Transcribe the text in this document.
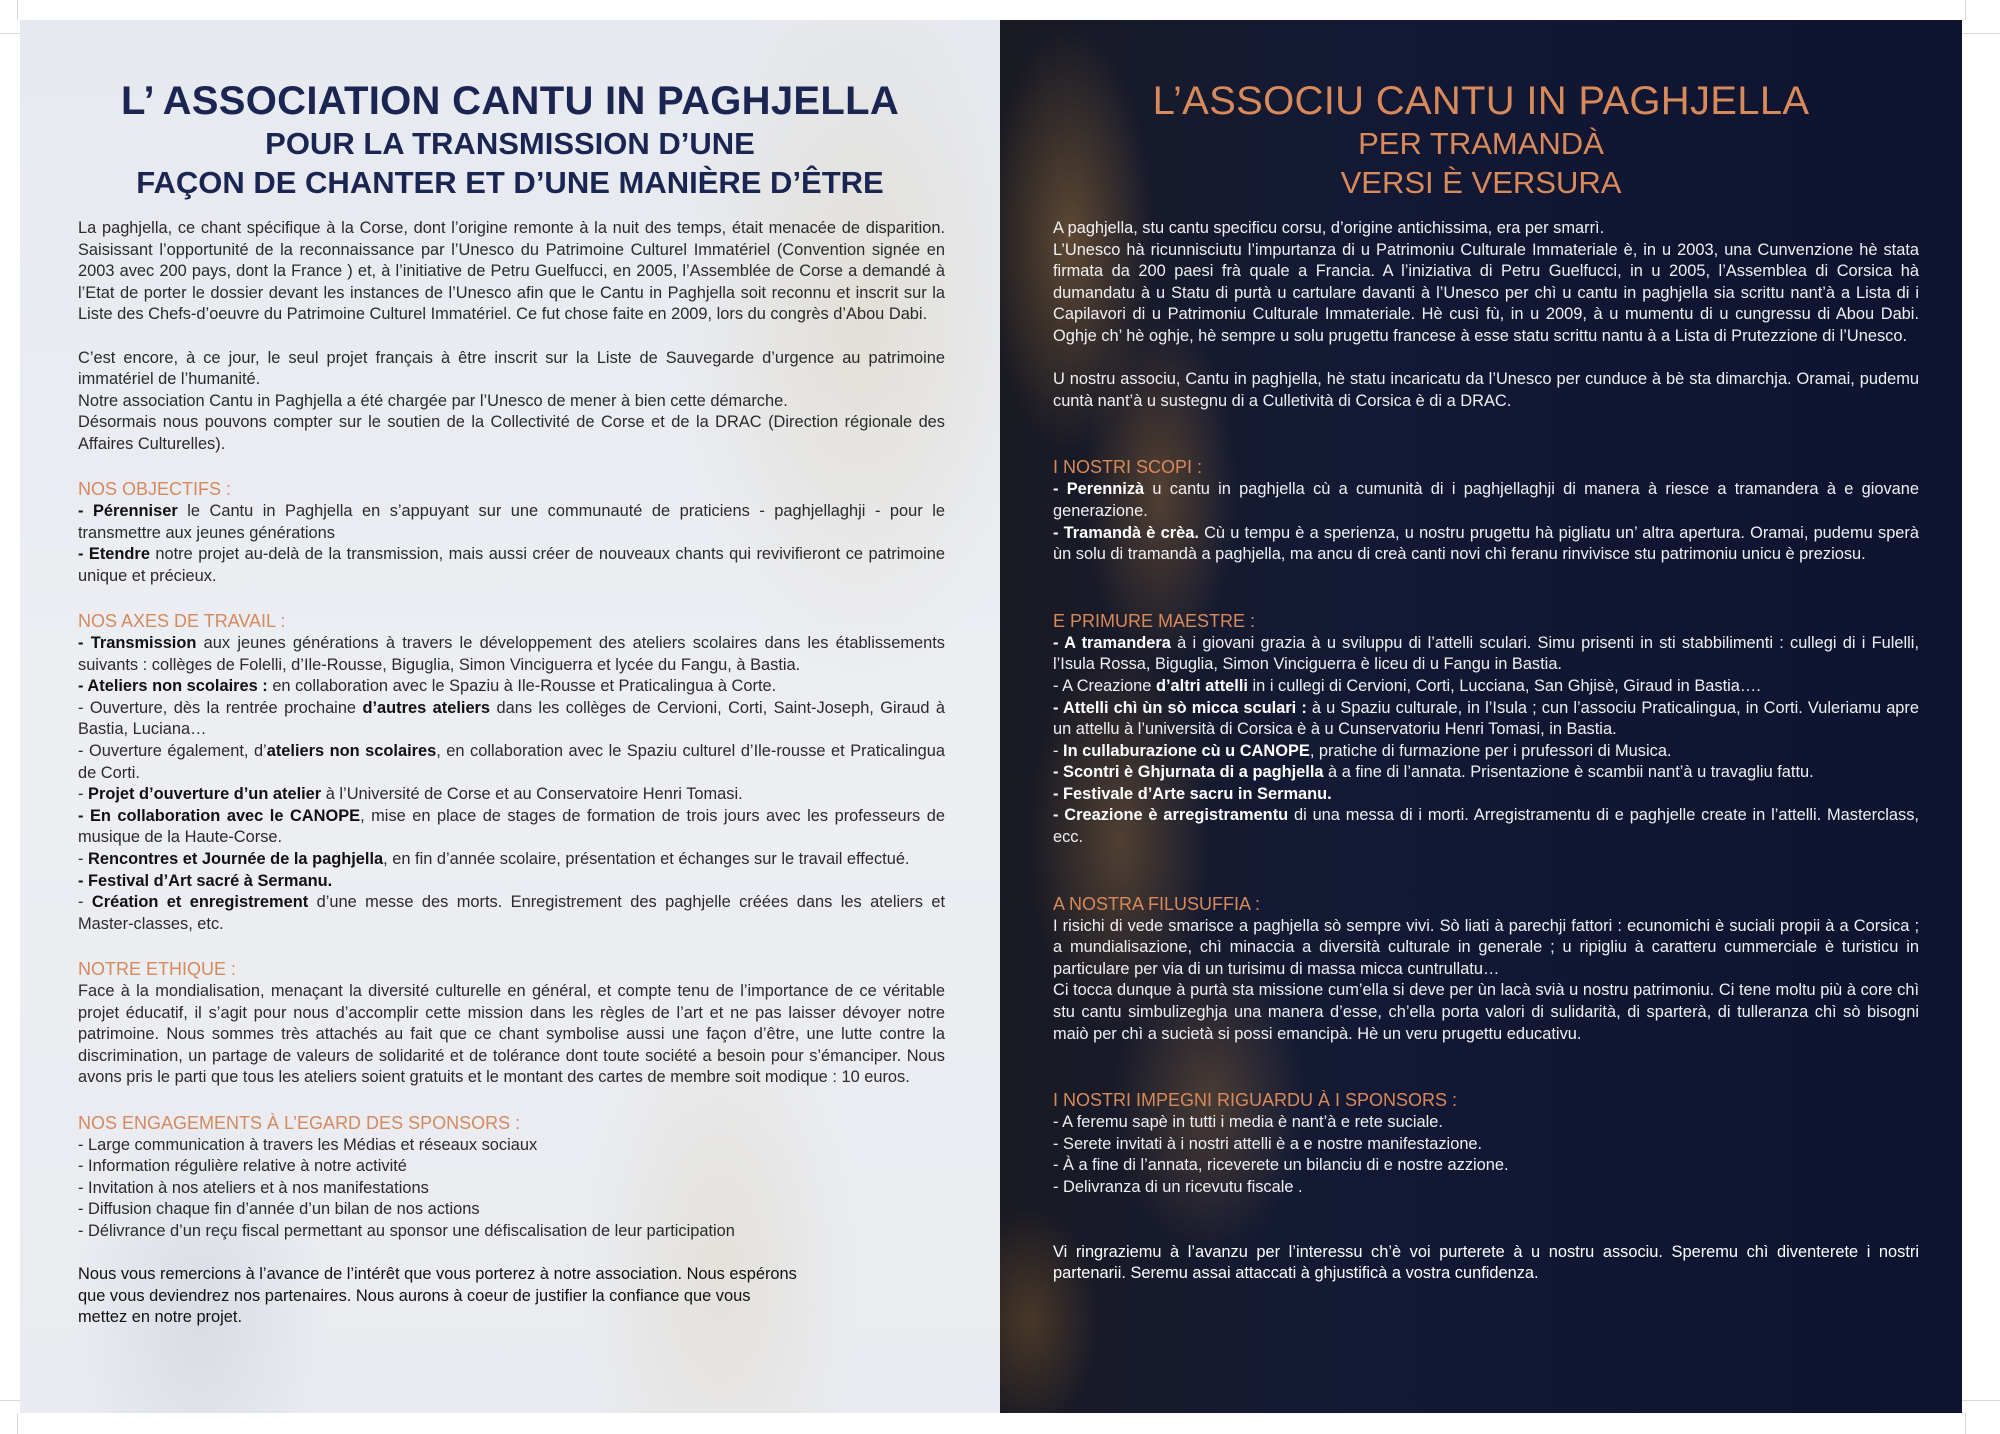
L’ ASSOCIATION CANTU IN PAGHJELLA
POUR LA TRANSMISSION D’UNE
FAÇON DE CHANTER ET D’UNE MANIÈRE D’ÊTRE

La paghjella, ce chant spécifique à la Corse, dont l’origine remonte à la nuit des temps, était menacée de disparition. Saisissant l’opportunité de la reconnaissance par l’Unesco du Patrimoine Culturel Immatériel (Convention signée en 2003 avec 200 pays, dont la France ) et, à l’initiative de Petru Guelfucci, en 2005, l’Assemblée de Corse a demandé à l’Etat de porter le dossier devant les instances de l’Unesco afin que le Cantu in Paghjella soit reconnu et inscrit sur la Liste des Chefs-d’oeuvre du Patrimoine Culturel Immatériel. Ce fut chose faite en 2009, lors du congrès d’Abou Dabi.

C’est encore, à ce jour, le seul projet français à être inscrit sur la Liste de Sauvegarde d’urgence au patrimoine immatériel de l’humanité.

Notre association Cantu in Paghjella a été chargée par l’Unesco de mener à bien cette démarche.

Désormais nous pouvons compter sur le soutien de la Collectivité de Corse et de la DRAC (Direction régionale des Affaires Culturelles).

NOS OBJECTIFS :

- Pérenniser le Cantu in Paghjella en s’appuyant sur une communauté de praticiens - paghjellaghji - pour le transmettre aux jeunes générations

- Etendre notre projet au-delà de la transmission, mais aussi créer de nouveaux chants qui revivifieront ce patrimoine unique et précieux.

NOS AXES DE TRAVAIL :

- Transmission aux jeunes générations à travers le développement des ateliers scolaires dans les établissements suivants : collèges de Folelli, d’Ile-Rousse, Biguglia, Simon Vinciguerra et lycée du Fangu, à Bastia.

- Ateliers non scolaires : en collaboration avec le Spaziu à Ile-Rousse et Praticalingua à Corte.

- Ouverture, dès la rentrée prochaine d’autres ateliers dans les collèges de Cervioni, Corti, Saint-Joseph, Giraud à Bastia, Luciana…

- Ouverture également, d’ateliers non scolaires, en collaboration avec le Spaziu culturel d’Ile-rousse et Praticalingua de Corti.

- Projet d’ouverture d’un atelier à l’Université de Corse et au Conservatoire Henri Tomasi.

- En collaboration avec le CANOPE, mise en place de stages de formation de trois jours avec les professeurs de musique de la Haute-Corse.

- Rencontres et Journée de la paghjella, en fin d’année scolaire, présentation et échanges sur le travail effectué.

- Festival d’Art sacré à Sermanu.

- Création et enregistrement d’une messe des morts. Enregistrement des paghjelle créées dans les ateliers et Master-classes, etc.

NOTRE ETHIQUE :

Face à la mondialisation, menaçant la diversité culturelle en général, et compte tenu de l’importance de ce véritable projet éducatif, il s’agit pour nous d’accomplir cette mission dans les règles de l’art et ne pas laisser dévoyer notre patrimoine. Nous sommes très attachés au fait que ce chant symbolise aussi une façon d’être, une lutte contre la discrimination, un partage de valeurs de solidarité et de tolérance dont toute société a besoin pour s’émanciper. Nous avons pris le parti que tous les ateliers soient gratuits et le montant des cartes de membre soit modique : 10 euros.

NOS ENGAGEMENTS À L’EGARD DES SPONSORS :

- Large communication à travers les Médias et réseaux sociaux

- Information régulière relative à notre activité

- Invitation à nos ateliers et à nos manifestations

- Diffusion chaque fin d’année d’un bilan de nos actions

- Délivrance d’un reçu fiscal permettant au sponsor une défiscalisation de leur participation

Nous vous remercions à l’avance de l’intérêt que vous porterez à notre association. Nous espérons
que vous deviendrez nos partenaires. Nous aurons à coeur de justifier la confiance que vous
mettez en notre projet.
L’ASSOCIU CANTU IN PAGHJELLA
PER TRAMANDÀ
VERSI È VERSURA

A paghjella, stu cantu specificu corsu, d’origine antichissima, era per smarrì.

L’Unesco hà ricunnisciutu l’impurtanza di u Patrimoniu Culturale Immateriale è, in u 2003, una Cunvenzione hè stata firmata da 200 paesi frà quale a Francia. A l’iniziativa di Petru Guelfucci, in u 2005, l’Assemblea di Corsica hà dumandatu à u Statu di purtà u cartulare davanti à l’Unesco per chì u cantu in paghjella sia scrittu nant’à a Lista di i Capilavori di u Patrimoniu Culturale Immateriale. Hè cusì fù, in u 2009, à u mumentu di u cungressu di Abou Dabi. Oghje ch’ hè oghje, hè sempre u solu prugettu francese à esse statu scrittu nantu à a Lista di Prutezzione di l’Unesco.

U nostru associu, Cantu in paghjella, hè statu incaricatu da l’Unesco per cunduce à bè sta dimarchja. Oramai, pudemu cuntà nant’à u sustegnu di a Culletività di Corsica è di a DRAC.

I NOSTRI SCOPI :

- Perennizà u cantu in paghjella cù a cumunità di i paghjellaghji di manera à riesce a tramandera à e giovane generazione.

- Tramandà è crèa. Cù u tempu è a sperienza, u nostru prugettu hà pigliatu un’ altra apertura. Oramai, pudemu sperà ùn solu di tramandà a paghjella, ma ancu di creà canti novi chì feranu rinvivisce stu patrimoniu unicu è preziosu.

E PRIMURE MAESTRE :

- A tramandera à i giovani grazia à u sviluppu di l’attelli sculari. Simu prisenti in sti stabbilimenti : cullegi di i Fulelli, l’Isula Rossa, Biguglia, Simon Vinciguerra è liceu di u Fangu in Bastia.

- A Creazione d’altri attelli in i cullegi di Cervioni, Corti, Lucciana, San Ghjisè, Giraud in Bastia….

- Attelli chì ùn sò micca sculari : à u Spaziu culturale, in l’Isula ; cun l’associu Praticalingua, in Corti. Vuleriamu apre un attellu à l’università di Corsica è à u Cunservatoriu Henri Tomasi, in Bastia.

- In cullaburazione cù u CANOPE, pratiche di furmazione per i prufessori di Musica.

- Scontri è Ghjurnata di a paghjella à a fine di l’annata. Prisentazione è scambii nant’à u travagliu fattu.

- Festivale d’Arte sacru in Sermanu.

- Creazione è arregistramentu di una messa di i morti. Arregistramentu di e paghjelle create in l’attelli. Masterclass, ecc.

A NOSTRA FILUSUFFIA :

I risichi di vede smarisce a paghjella sò sempre vivi. Sò liati à parechji fattori : ecunomichi è suciali propii à a Corsica ; a mundialisazione, chì minaccia a diversità culturale in generale ; u ripigliu à caratteru cummerciale è turisticu in particulare per via di un turisimu di massa micca cuntrullatu…

Ci tocca dunque à purtà sta missione cum’ella si deve per ùn lacà svià u nostru patrimoniu. Ci tene moltu più à core chì stu cantu simbulizeghja una manera d’esse, ch’ella porta valori di sulidarità, di sparterà, di tulleranza chì sò bisogni maiò per chì a sucietà si possi emancipà. Hè un veru prugettu educativu.

I NOSTRI IMPEGNI RIGUARDU À I SPONSORS :

- A feremu sapè in tutti i media è nant’à e rete suciale.

- Serete invitati à i nostri attelli è a e nostre manifestazione.

- À a fine di l’annata, riceverete un bilanciu di e nostre azzione.

- Delivranza di un ricevutu fiscale .

Vi ringraziemu à l’avanzu per l’interessu ch’è voi purterete à u nostru associu. Speremu chì diventerete i nostri partenarii. Seremu assai attaccati à ghjustificà a vostra cunfidenza.
